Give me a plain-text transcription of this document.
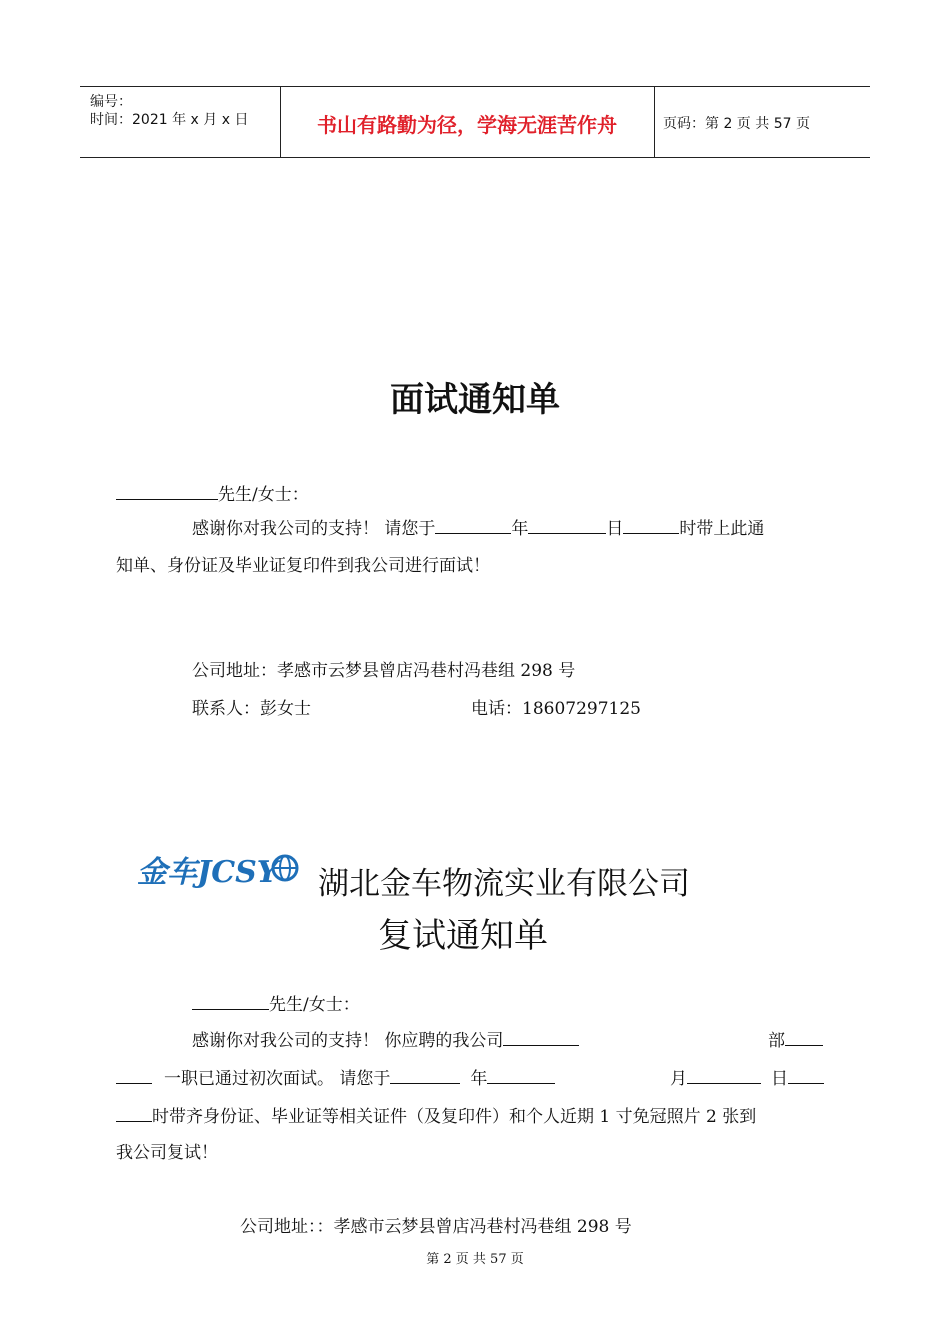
编号：
时间：2021 年 x 月 x 日	书山有路勤为径，学海无涯苦作舟	页码：第 2 页 共 57 页
面试通知单
先生/女士：
感谢你对我公司的支持！ 请您于	年	日	时带上此通
知单、身份证及毕业证复印件到我公司进行面试！
公司地址：孝感市云梦县曾店冯巷村冯巷组 298 号
联系人：彭女士	电话：18607297125
金车JCSY 湖北金车物流实业有限公司
复试通知单
先生/女士：
感谢你对我公司的支持！ 你应聘的我公司	部
一职已通过初次面试。 请您于	年	月	日
时带齐身份证、毕业证等相关证件（及复印件）和个人近期 1 寸免冠照片 2 张到
我公司复试！
公司地址：：孝感市云梦县曾店冯巷村冯巷组 298 号
第 2 页 共 57 页
